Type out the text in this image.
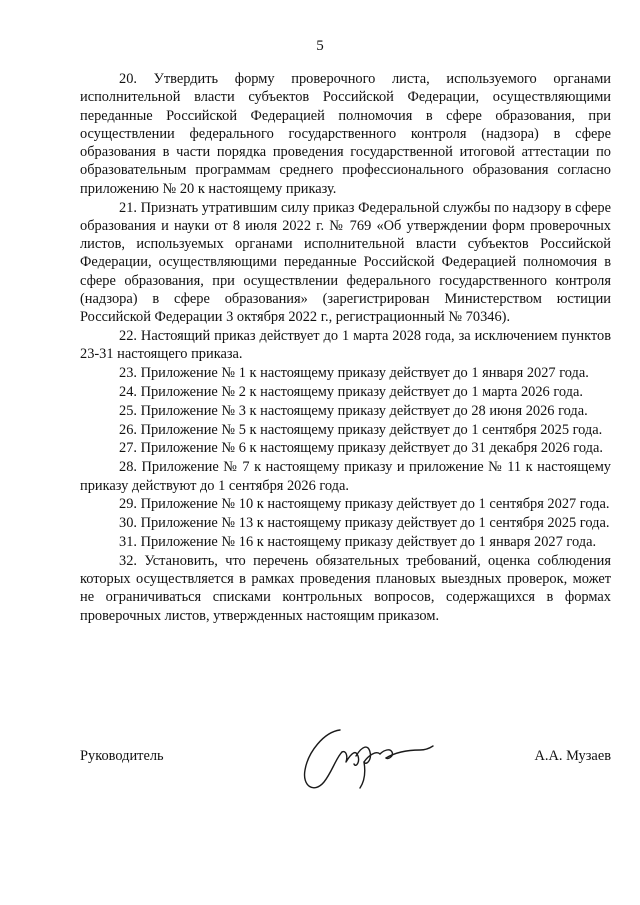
5

20. Утвердить форму проверочного листа, используемого органами исполнительной власти субъектов Российской Федерации, осуществляющими переданные Российской Федерацией полномочия в сфере образования, при осуществлении федерального государственного контроля (надзора) в сфере образования в части порядка проведения государственной итоговой аттестации по образовательным программам среднего профессионального образования согласно приложению № 20 к настоящему приказу.

21. Признать утратившим силу приказ Федеральной службы по надзору в сфере образования и науки от 8 июля 2022 г. № 769 «Об утверждении форм проверочных листов, используемых органами исполнительной власти субъектов Российской Федерации, осуществляющими переданные Российской Федерацией полномочия в сфере образования, при осуществлении федерального государственного контроля (надзора) в сфере образования» (зарегистрирован Министерством юстиции Российской Федерации 3 октября 2022 г., регистрационный № 70346).

22. Настоящий приказ действует до 1 марта 2028 года, за исключением пунктов 23-31 настоящего приказа.

23. Приложение № 1 к настоящему приказу действует до 1 января 2027 года.

24. Приложение № 2 к настоящему приказу действует до 1 марта 2026 года.

25. Приложение № 3 к настоящему приказу действует до 28 июня 2026 года.

26. Приложение № 5 к настоящему приказу действует до 1 сентября 2025 года.

27. Приложение № 6 к настоящему приказу действует до 31 декабря 2026 года.

28. Приложение № 7 к настоящему приказу и приложение № 11 к настоящему приказу действуют до 1 сентября 2026 года.

29. Приложение № 10 к настоящему приказу действует до 1 сентября 2027 года.

30. Приложение № 13 к настоящему приказу действует до 1 сентября 2025 года.

31. Приложение № 16 к настоящему приказу действует до 1 января 2027 года.

32. Установить, что перечень обязательных требований, оценка соблюдения которых осуществляется в рамках проведения плановых выездных проверок, может не ограничиваться списками контрольных вопросов, содержащихся в формах проверочных листов, утвержденных настоящим приказом.

Руководитель	А.А. Музаев
